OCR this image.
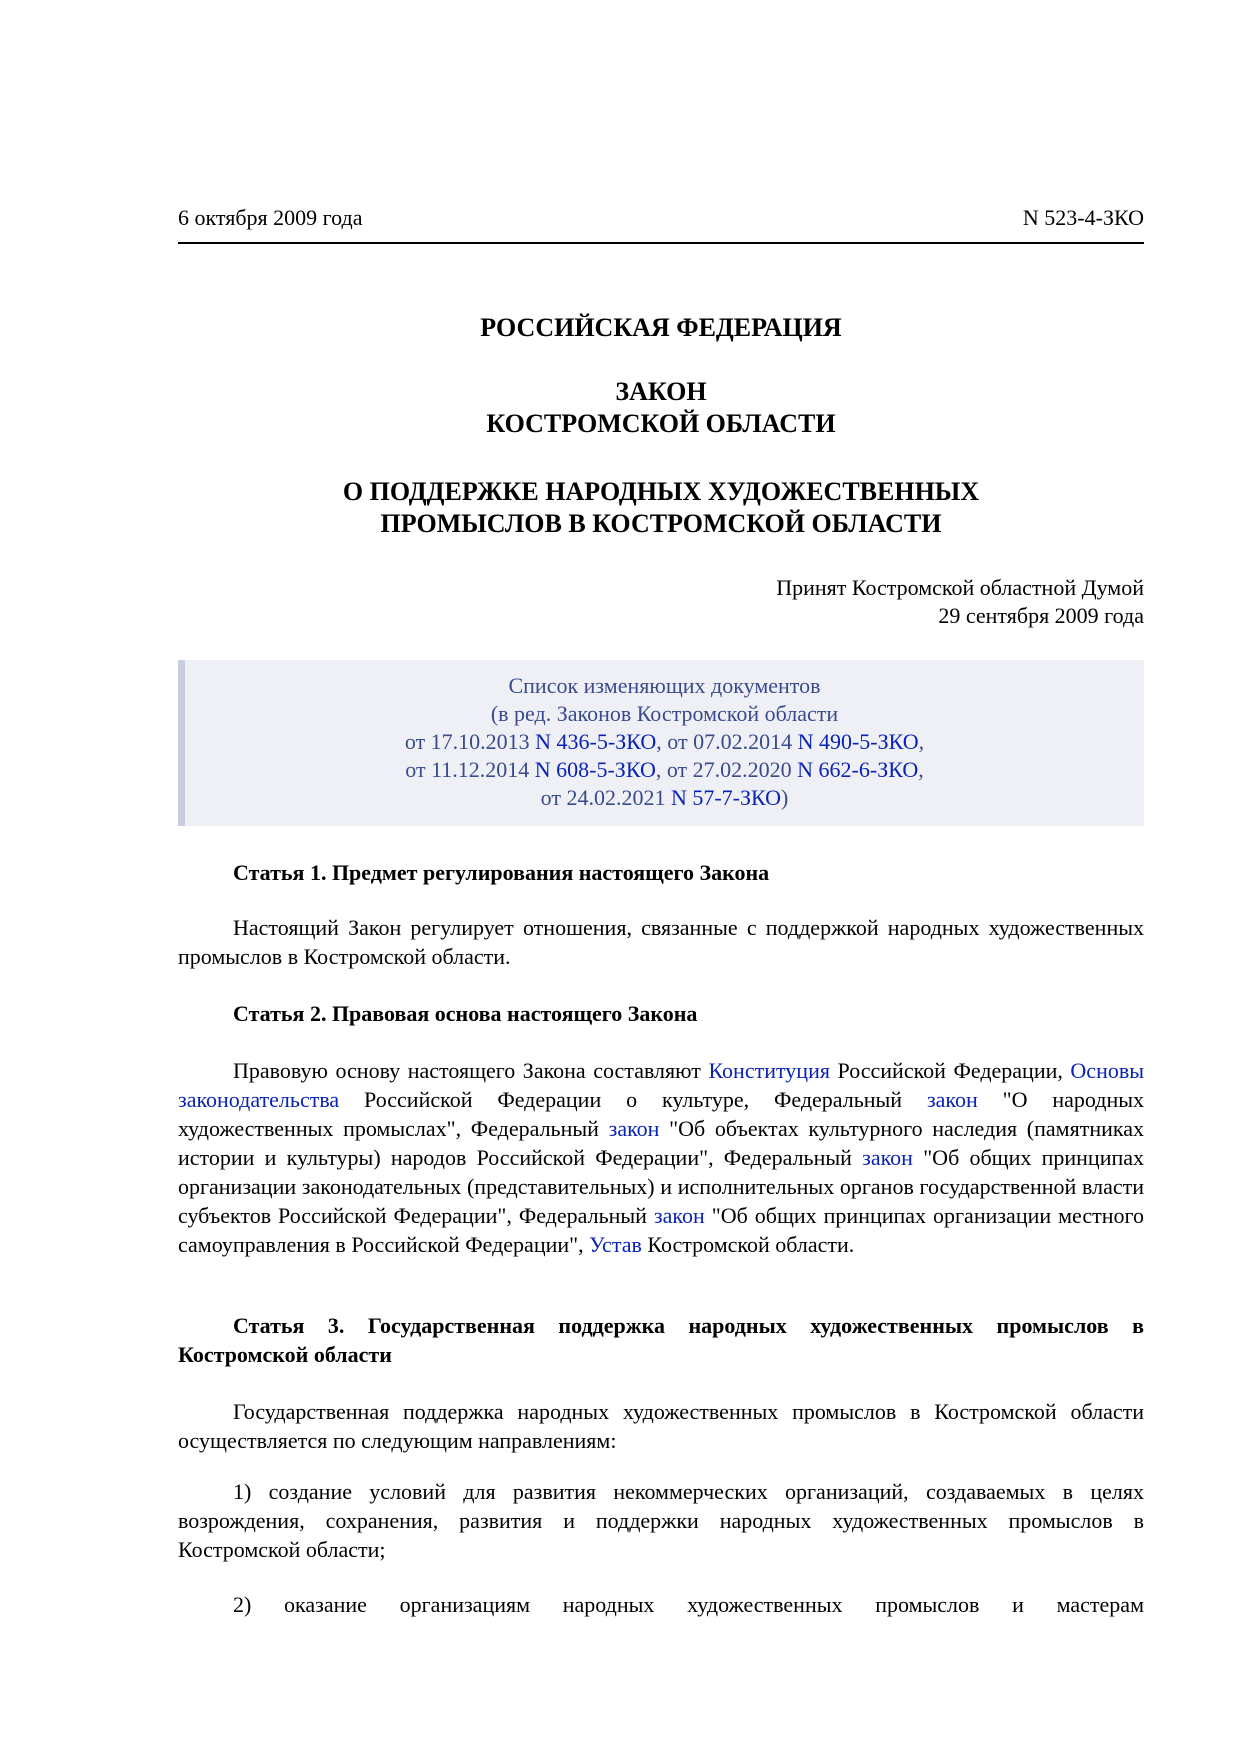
6 октября 2009 года	N 523-4-ЗКО
РОССИЙСКАЯ ФЕДЕРАЦИЯ
ЗАКОН
КОСТРОМСКОЙ ОБЛАСТИ
О ПОДДЕРЖКЕ НАРОДНЫХ ХУДОЖЕСТВЕННЫХ
ПРОМЫСЛОВ В КОСТРОМСКОЙ ОБЛАСТИ
Принят Костромской областной Думой
29 сентября 2009 года
Список изменяющих документов
(в ред. Законов Костромской области
от 17.10.2013 N 436-5-ЗКО, от 07.02.2014 N 490-5-ЗКО,
от 11.12.2014 N 608-5-ЗКО, от 27.02.2020 N 662-6-ЗКО,
от 24.02.2021 N 57-7-ЗКО)
Статья 1. Предмет регулирования настоящего Закона
Настоящий Закон регулирует отношения, связанные с поддержкой народных художественных промыслов в Костромской области.
Статья 2. Правовая основа настоящего Закона
Правовую основу настоящего Закона составляют Конституция Российской Федерации, Основы законодательства Российской Федерации о культуре, Федеральный закон "О народных художественных промыслах", Федеральный закон "Об объектах культурного наследия (памятниках истории и культуры) народов Российской Федерации", Федеральный закон "Об общих принципах организации законодательных (представительных) и исполнительных органов государственной власти субъектов Российской Федерации", Федеральный закон "Об общих принципах организации местного самоуправления в Российской Федерации", Устав Костромской области.
Статья 3. Государственная поддержка народных художественных промыслов в Костромской области
Государственная поддержка народных художественных промыслов в Костромской области осуществляется по следующим направлениям:
1) создание условий для развития некоммерческих организаций, создаваемых в целях возрождения, сохранения, развития и поддержки народных художественных промыслов в Костромской области;
2) оказание организациям народных художественных промыслов и мастерам
